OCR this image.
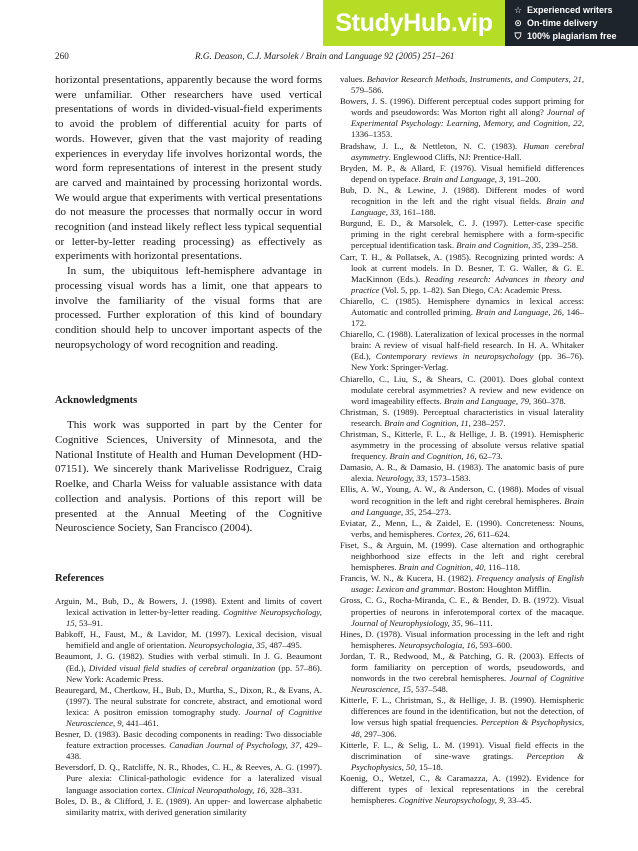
StudyHub.vip	☆ Experienced writers
⊙ On-time delivery
⛉ 100% plagiarism free
260	R.G. Deason, C.J. Marsolek / Brain and Language 92 (2005) 251–261

horizontal presentations, apparently because the word forms were unfamiliar. Other researchers have used vertical presentations of words in divided-visual-field experiments to avoid the problem of differential acuity for parts of words. However, given that the vast majority of reading experiences in everyday life involves horizontal words, the word form representations of interest in the present study are carved and maintained by processing horizontal words. We would argue that experiments with vertical presentations do not measure the processes that normally occur in word recognition (and instead likely reflect less typical sequential or letter-by-letter reading processing) as effectively as experiments with horizontal presentations.

In sum, the ubiquitous left-hemisphere advantage in processing visual words has a limit, one that appears to involve the familiarity of the visual forms that are processed. Further exploration of this kind of boundary condition should help to uncover important aspects of the neuropsychology of word recognition and reading.

Acknowledgments

This work was supported in part by the Center for Cognitive Sciences, University of Minnesota, and the National Institute of Health and Human Development (HD-07151). We sincerely thank Marivelisse Rodriguez, Craig Roelke, and Charla Weiss for valuable assistance with data collection and analysis. Portions of this report will be presented at the Annual Meeting of the Cognitive Neuroscience Society, San Francisco (2004).

References

Arguin, M., Bub, D., & Bowers, J. (1998). Extent and limits of covert lexical activation in letter-by-letter reading. Cognitive Neuropsychology, 15, 53–91.
Babkoff, H., Faust, M., & Lavidor, M. (1997). Lexical decision, visual hemifield and angle of orientation. Neuropsychologia, 35, 487–495.
Beaumont, J. G. (1982). Studies with verbal stimuli. In J. G. Beaumont (Ed.), Divided visual field studies of cerebral organization (pp. 57–86). New York: Academic Press.
Beauregard, M., Chertkow, H., Bub, D., Murtha, S., Dixon, R., & Evans, A. (1997). The neural substrate for concrete, abstract, and emotional word lexica: A positron emission tomography study. Journal of Cognitive Neuroscience, 9, 441–461.
Besner, D. (1983). Basic decoding components in reading: Two dissociable feature extraction processes. Canadian Journal of Psychology, 37, 429–438.
Beversdorf, D. Q., Ratcliffe, N. R., Rhodes, C. H., & Reeves, A. G. (1997). Pure alexia: Clinical-pathologic evidence for a lateralized visual language association cortex. Clinical Neuropathology, 16, 328–331.
Boles, D. B., & Clifford, J. E. (1989). An upper- and lowercase alphabetic similarity matrix, with derived generation similarity
values. Behavior Research Methods, Instruments, and Computers, 21, 579–586.
Bowers, J. S. (1996). Different perceptual codes support priming for words and pseudowords: Was Morton right all along? Journal of Experimental Psychology: Learning, Memory, and Cognition, 22, 1336–1353.
Bradshaw, J. L., & Nettleton, N. C. (1983). Human cerebral asymmetry. Englewood Cliffs, NJ: Prentice-Hall.
Bryden, M. P., & Allard, F. (1976). Visual hemifield differences depend on typeface. Brain and Language, 3, 191–200.
Bub, D. N., & Lewine, J. (1988). Different modes of word recognition in the left and the right visual fields. Brain and Language, 33, 161–188.
Burgund, E. D., & Marsolek, C. J. (1997). Letter-case specific priming in the right cerebral hemisphere with a form-specific perceptual identification task. Brain and Cognition, 35, 239–258.
Carr, T. H., & Pollatsek, A. (1985). Recognizing printed words: A look at current models. In D. Besner, T. G. Waller, & G. E. MacKinnon (Eds.). Reading research: Advances in theory and practice (Vol. 5, pp. 1–82). San Diego, CA: Academic Press.
Chiarello, C. (1985). Hemisphere dynamics in lexical access: Automatic and controlled priming. Brain and Language, 26, 146–172.
Chiarello, C. (1988). Lateralization of lexical processes in the normal brain: A review of visual half-field research. In H. A. Whitaker (Ed.), Contemporary reviews in neuropsychology (pp. 36–76). New York: Springer-Verlag.
Chiarello, C., Liu, S., & Shears, C. (2001). Does global context modulate cerebral asymmetries? A review and new evidence on word imageability effects. Brain and Language, 79, 360–378.
Christman, S. (1989). Perceptual characteristics in visual laterality research. Brain and Cognition, 11, 238–257.
Christman, S., Kitterle, F. L., & Hellige, J. B. (1991). Hemispheric asymmetry in the processing of absolute versus relative spatial frequency. Brain and Cognition, 16, 62–73.
Damasio, A. R., & Damasio, H. (1983). The anatomic basis of pure alexia. Neurology, 33, 1573–1583.
Ellis, A. W., Young, A. W., & Anderson, C. (1988). Modes of visual word recognition in the left and right cerebral hemispheres. Brain and Language, 35, 254–273.
Eviatar, Z., Menn, L., & Zaidel, E. (1990). Concreteness: Nouns, verbs, and hemispheres. Cortex, 26, 611–624.
Fiset, S., & Arguin, M. (1999). Case alternation and orthographic neighborhood size effects in the left and right cerebral hemispheres. Brain and Cognition, 40, 116–118.
Francis, W. N., & Kucera, H. (1982). Frequency analysis of English usage: Lexicon and grammar. Boston: Houghton Mifflin.
Gross, C. G., Rocha-Miranda, C. E., & Bender, D. B. (1972). Visual properties of neurons in inferotemporal cortex of the macaque. Journal of Neurophysiology, 35, 96–111.
Hines, D. (1978). Visual information processing in the left and right hemispheres. Neuropsychologia, 16, 593–600.
Jordan, T. R., Redwood, M., & Patching, G. R. (2003). Effects of form familiarity on perception of words, pseudowords, and nonwords in the two cerebral hemispheres. Journal of Cognitive Neuroscience, 15, 537–548.
Kitterle, F. L., Christman, S., & Hellige, J. B. (1990). Hemispheric differences are found in the identification, but not the detection, of low versus high spatial frequencies. Perception & Psychophysics, 48, 297–306.
Kitterle, F. L., & Selig, L. M. (1991). Visual field effects in the discrimination of sine-wave gratings. Perception & Psychophysics, 50, 15–18.
Koenig, O., Wetzel, C., & Caramazza, A. (1992). Evidence for different types of lexical representations in the cerebral hemispheres. Cognitive Neuropsychology, 9, 33–45.
